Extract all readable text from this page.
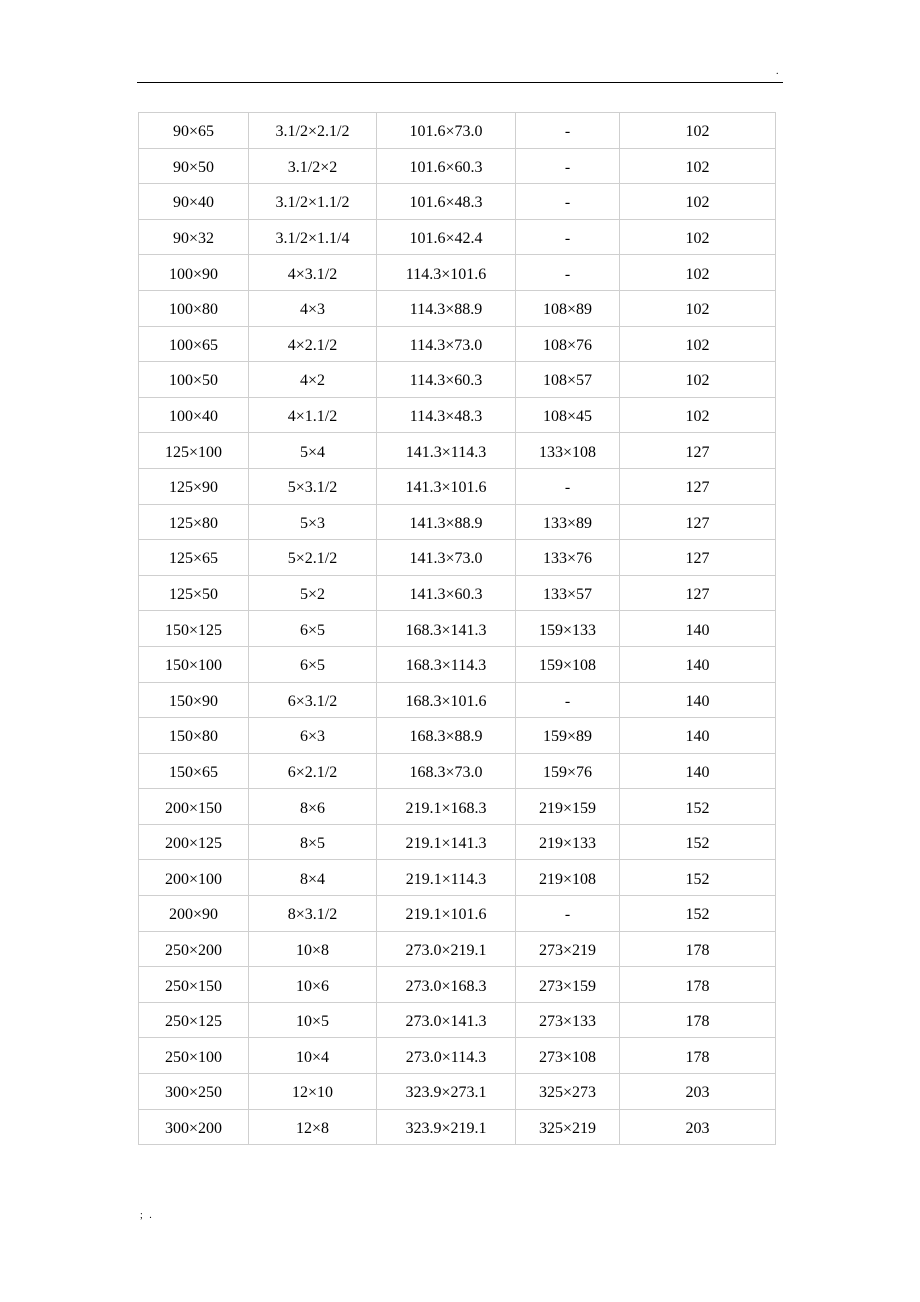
.
90×65	3.1/2×2.1/2	101.6×73.0	-	102
90×50	3.1/2×2	101.6×60.3	-	102
90×40	3.1/2×1.1/2	101.6×48.3	-	102
90×32	3.1/2×1.1/4	101.6×42.4	-	102
100×90	4×3.1/2	114.3×101.6	-	102
100×80	4×3	114.3×88.9	108×89	102
100×65	4×2.1/2	114.3×73.0	108×76	102
100×50	4×2	114.3×60.3	108×57	102
100×40	4×1.1/2	114.3×48.3	108×45	102
125×100	5×4	141.3×114.3	133×108	127
125×90	5×3.1/2	141.3×101.6	-	127
125×80	5×3	141.3×88.9	133×89	127
125×65	5×2.1/2	141.3×73.0	133×76	127
125×50	5×2	141.3×60.3	133×57	127
150×125	6×5	168.3×141.3	159×133	140
150×100	6×5	168.3×114.3	159×108	140
150×90	6×3.1/2	168.3×101.6	-	140
150×80	6×3	168.3×88.9	159×89	140
150×65	6×2.1/2	168.3×73.0	159×76	140
200×150	8×6	219.1×168.3	219×159	152
200×125	8×5	219.1×141.3	219×133	152
200×100	8×4	219.1×114.3	219×108	152
200×90	8×3.1/2	219.1×101.6	-	152
250×200	10×8	273.0×219.1	273×219	178
250×150	10×6	273.0×168.3	273×159	178
250×125	10×5	273.0×141.3	273×133	178
250×100	10×4	273.0×114.3	273×108	178
300×250	12×10	323.9×273.1	325×273	203
300×200	12×8	323.9×219.1	325×219	203
; .
